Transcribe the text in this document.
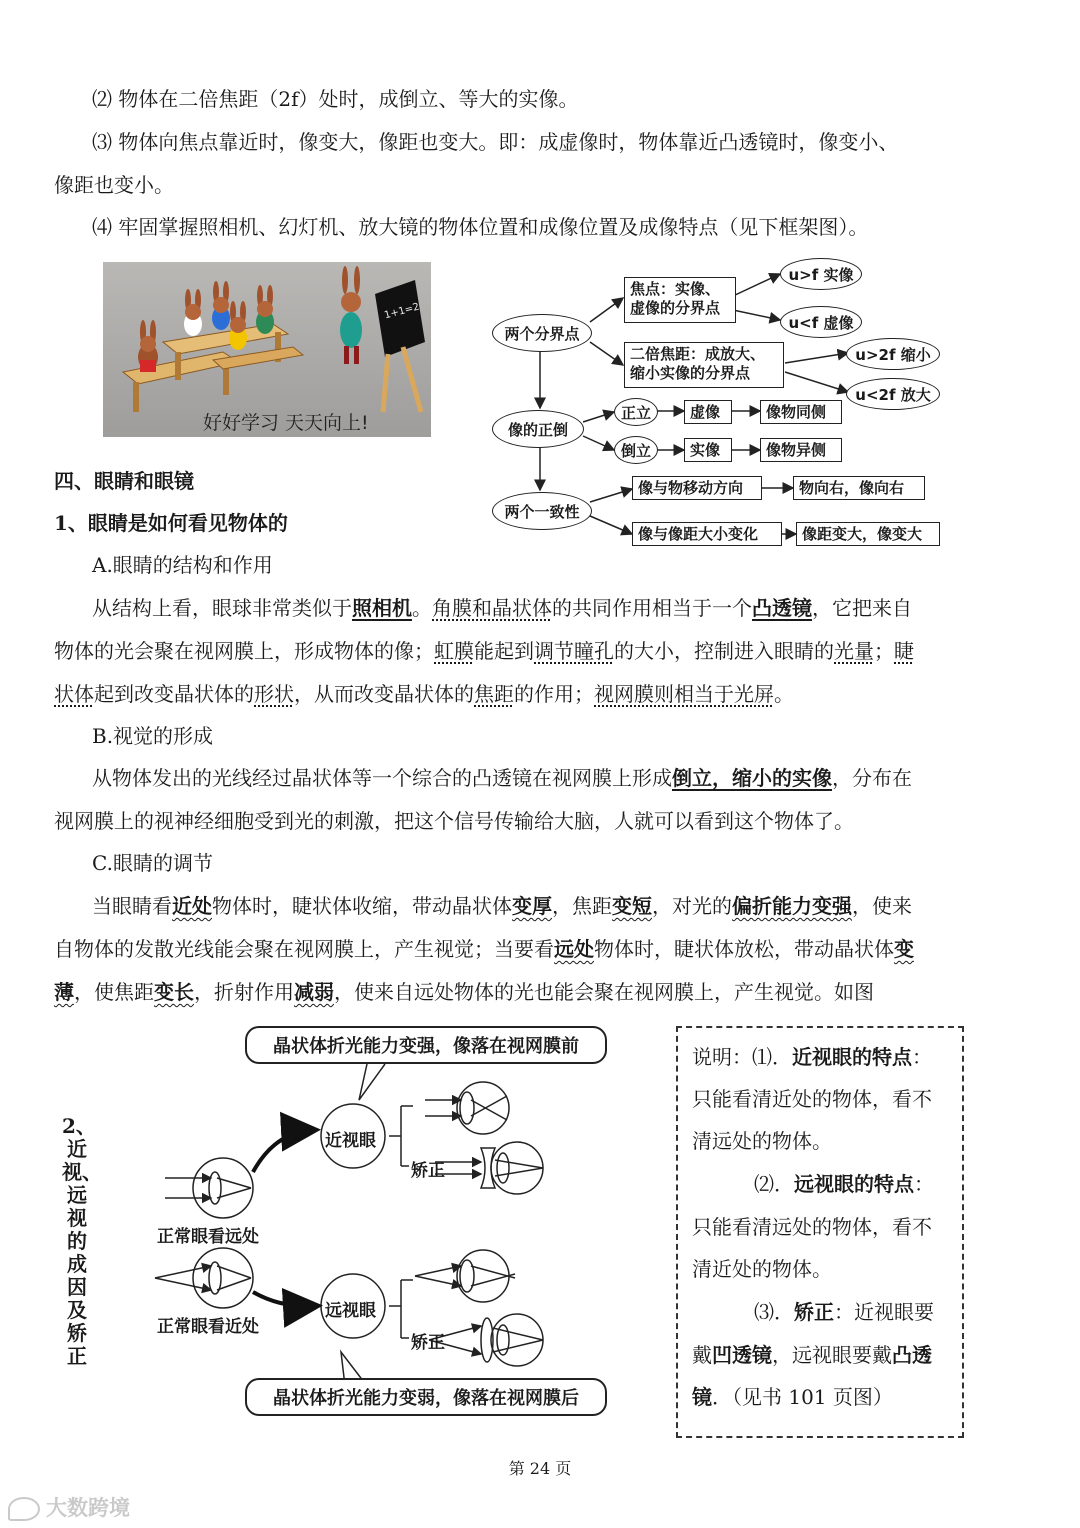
⑵ 物体在二倍焦距（2f）处时，成倒立、等大的实像。
⑶ 物体向焦点靠近时，像变大，像距也变大。即：成虚像时，物体靠近凸透镜时，像变小、
像距也变小。
⑷ 牢固掌握照相机、幻灯机、放大镜的物体位置和成像位置及成像特点（见下框架图）。
1+1=2
好好学习 天天向上!
两个分界点
像的正倒
两个一致性
焦点：实像、
虚像的分界点
二倍焦距：成放大、
缩小实像的分界点
u>f 实像
u<f 虚像
u>2f 缩小
u<2f 放大
正立
倒立
虚像
实像
像物同侧
像物异侧
像与物移动方向	物向右，像向右
像与像距大小变化	像距变大，像变大
四、眼睛和眼镜
1、眼睛是如何看见物体的
A.眼睛的结构和作用
从结构上看，眼球非常类似于照相机。角膜和晶状体的共同作用相当于一个凸透镜，它把来自
物体的光会聚在视网膜上，形成物体的像；虹膜能起到调节瞳孔的大小，控制进入眼睛的光量；睫
状体起到改变晶状体的形状，从而改变晶状体的焦距的作用；视网膜则相当于光屏。
B.视觉的形成
从物体发出的光线经过晶状体等一个综合的凸透镜在视网膜上形成倒立，缩小的实像，分布在
视网膜上的视神经细胞受到光的刺激，把这个信号传输给大脑，人就可以看到这个物体了。
C.眼睛的调节
当眼睛看近处物体时，睫状体收缩，带动晶状体变厚，焦距变短，对光的偏折能力变强，使来
自物体的发散光线能会聚在视网膜上，产生视觉；当要看远处物体时，睫状体放松，带动晶状体变
薄，使焦距变长，折射作用减弱，使来自远处物体的光也能会聚在视网膜上，产生视觉。如图
2、近视、远视的成因及矫正
晶状体折光能力变强，像落在视网膜前
晶状体折光能力变弱，像落在视网膜后
近视眼
远视眼
矫正
矫正
正常眼看远处
正常眼看近处
说明：⑴．近视眼的特点：
只能看清近处的物体，看不
清远处的物体。
⑵．远视眼的特点：
只能看清远处的物体，看不
清近处的物体。
⑶．矫正：近视眼要
戴凹透镜，远视眼要戴凸透
镜．（见书 101 页图）
第 24 页
大数跨境
